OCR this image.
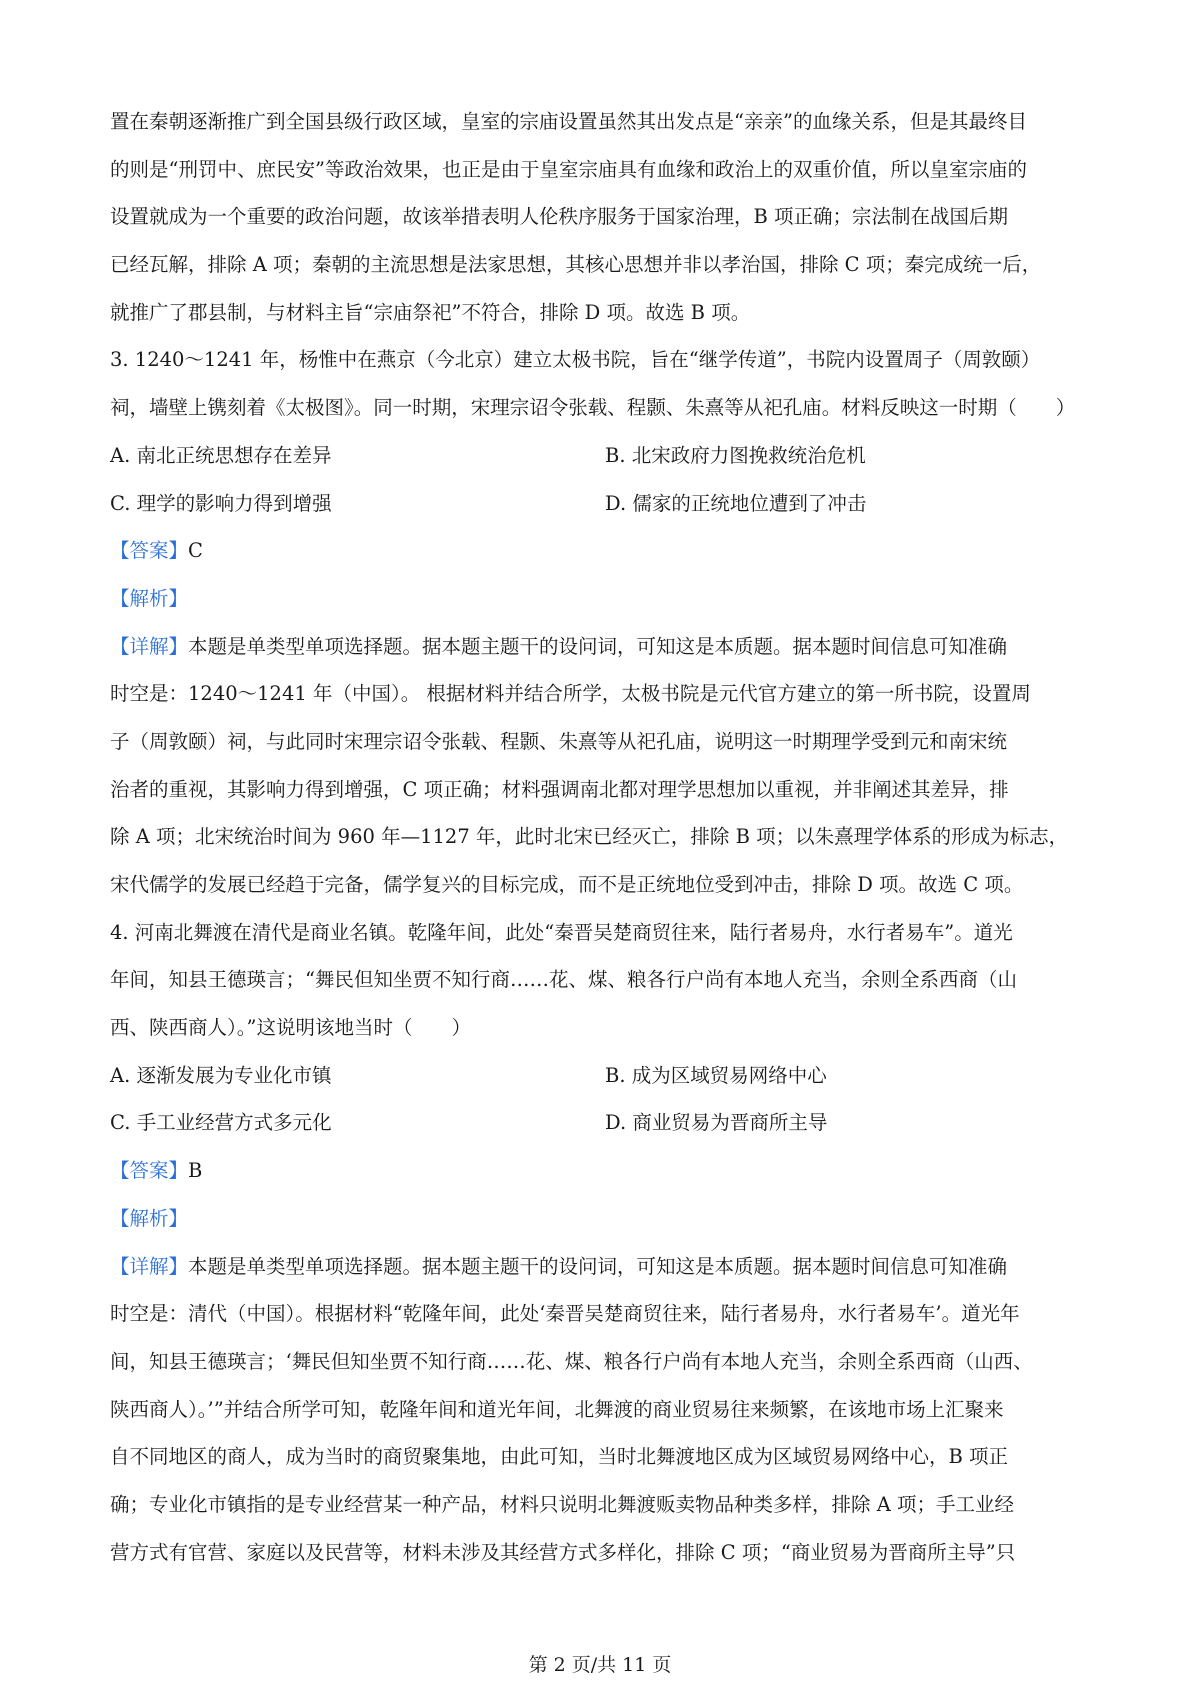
置在秦朝逐渐推广到全国县级行政区域，皇室的宗庙设置虽然其出发点是“亲亲”的血缘关系，但是其最终目
的则是“刑罚中、庶民安”等政治效果，也正是由于皇室宗庙具有血缘和政治上的双重价值，所以皇室宗庙的
设置就成为一个重要的政治问题，故该举措表明人伦秩序服务于国家治理，B 项正确；宗法制在战国后期
已经瓦解，排除 A 项；秦朝的主流思想是法家思想，其核心思想并非以孝治国，排除 C 项；秦完成统一后，
就推广了郡县制，与材料主旨“宗庙祭祀”不符合，排除 D 项。故选 B 项。
3. 1240～1241 年，杨惟中在燕京（今北京）建立太极书院，旨在“继学传道”，书院内设置周子（周敦颐）
祠，墙壁上镌刻着《太极图》。同一时期，宋理宗诏令张载、程颢、朱熹等从祀孔庙。材料反映这一时期（　　）
A. 南北正统思想存在差异	B. 北宋政府力图挽救统治危机
C. 理学的影响力得到增强	D. 儒家的正统地位遭到了冲击
【答案】C
【解析】
【详解】本题是单类型单项选择题。据本题主题干的设问词，可知这是本质题。据本题时间信息可知准确
时空是：1240～1241 年（中国）。 根据材料并结合所学，太极书院是元代官方建立的第一所书院，设置周
子（周敦颐）祠，与此同时宋理宗诏令张载、程颢、朱熹等从祀孔庙，说明这一时期理学受到元和南宋统
治者的重视，其影响力得到增强，C 项正确；材料强调南北都对理学思想加以重视，并非阐述其差异，排
除 A 项；北宋统治时间为 960 年—1127 年，此时北宋已经灭亡，排除 B 项；以朱熹理学体系的形成为标志，
宋代儒学的发展已经趋于完备，儒学复兴的目标完成，而不是正统地位受到冲击，排除 D 项。故选 C 项。
4. 河南北舞渡在清代是商业名镇。乾隆年间，此处“秦晋吴楚商贸往来，陆行者易舟，水行者易车”。道光
年间，知县王德瑛言；“舞民但知坐贾不知行商……花、煤、粮各行户尚有本地人充当，余则全系西商（山
西、陕西商人）。”这说明该地当时（　　）
A. 逐渐发展为专业化市镇	B. 成为区域贸易网络中心
C. 手工业经营方式多元化	D. 商业贸易为晋商所主导
【答案】B
【解析】
【详解】本题是单类型单项选择题。据本题主题干的设问词，可知这是本质题。据本题时间信息可知准确
时空是：清代（中国）。根据材料“乾隆年间，此处‘秦晋吴楚商贸往来，陆行者易舟，水行者易车’。道光年
间，知县王德瑛言；‘舞民但知坐贾不知行商……花、煤、粮各行户尚有本地人充当，余则全系西商（山西、
陕西商人）。’”并结合所学可知，乾隆年间和道光年间，北舞渡的商业贸易往来频繁，在该地市场上汇聚来
自不同地区的商人，成为当时的商贸聚集地，由此可知，当时北舞渡地区成为区域贸易网络中心，B 项正
确；专业化市镇指的是专业经营某一种产品，材料只说明北舞渡贩卖物品种类多样，排除 A 项；手工业经
营方式有官营、家庭以及民营等，材料未涉及其经营方式多样化，排除 C 项；“商业贸易为晋商所主导”只
第 2 页/共 11 页
